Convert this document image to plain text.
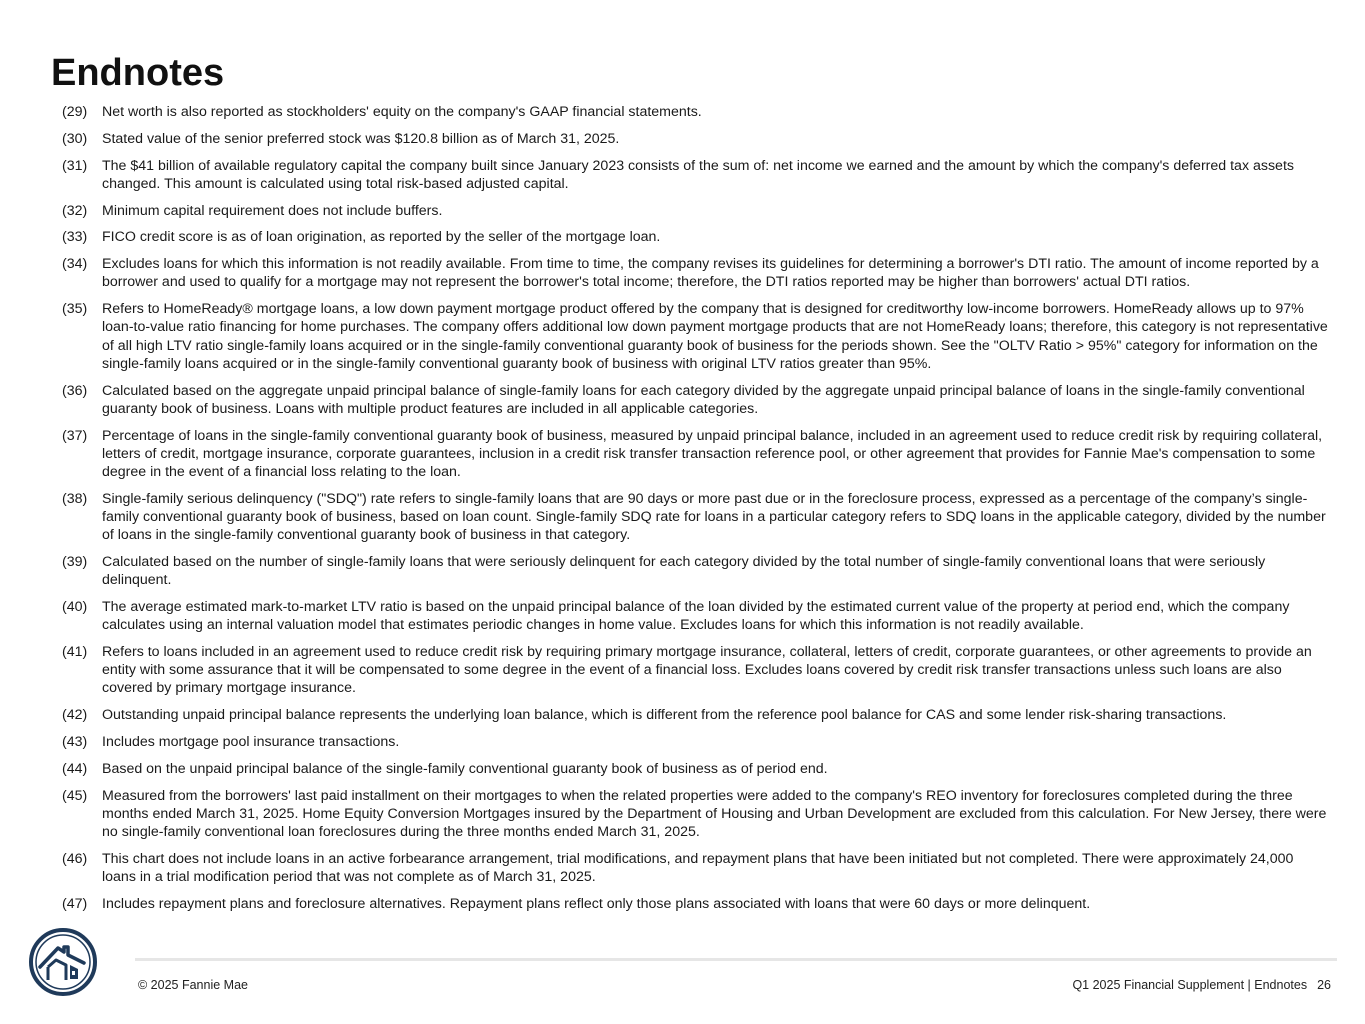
Endnotes
(29)	Net worth is also reported as stockholders' equity on the company's GAAP financial statements.
(30)	Stated value of the senior preferred stock was $120.8 billion as of March 31, 2025.
(31)	The $41 billion of available regulatory capital the company built since January 2023 consists of the sum of: net income we earned and the amount by which the company's deferred tax assets changed. This amount is calculated using total risk-based adjusted capital.
(32)	Minimum capital requirement does not include buffers.
(33)	FICO credit score is as of loan origination, as reported by the seller of the mortgage loan.
(34)	Excludes loans for which this information is not readily available. From time to time, the company revises its guidelines for determining a borrower's DTI ratio. The amount of income reported by a borrower and used to qualify for a mortgage may not represent the borrower's total income; therefore, the DTI ratios reported may be higher than borrowers' actual DTI ratios.
(35)	Refers to HomeReady® mortgage loans, a low down payment mortgage product offered by the company that is designed for creditworthy low-income borrowers. HomeReady allows up to 97% loan-to-value ratio financing for home purchases. The company offers additional low down payment mortgage products that are not HomeReady loans; therefore, this category is not representative of all high LTV ratio single-family loans acquired or in the single-family conventional guaranty book of business for the periods shown. See the "OLTV Ratio > 95%" category for information on the single-family loans acquired or in the single-family conventional guaranty book of business with original LTV ratios greater than 95%.
(36)	Calculated based on the aggregate unpaid principal balance of single-family loans for each category divided by the aggregate unpaid principal balance of loans in the single-family conventional guaranty book of business. Loans with multiple product features are included in all applicable categories.
(37)	Percentage of loans in the single-family conventional guaranty book of business, measured by unpaid principal balance, included in an agreement used to reduce credit risk by requiring collateral, letters of credit, mortgage insurance, corporate guarantees, inclusion in a credit risk transfer transaction reference pool, or other agreement that provides for Fannie Mae's compensation to some degree in the event of a financial loss relating to the loan.
(38)	Single-family serious delinquency ("SDQ") rate refers to single-family loans that are 90 days or more past due or in the foreclosure process, expressed as a percentage of the company’s single-family conventional guaranty book of business, based on loan count. Single-family SDQ rate for loans in a particular category refers to SDQ loans in the applicable category, divided by the number of loans in the single-family conventional guaranty book of business in that category.
(39)	Calculated based on the number of single-family loans that were seriously delinquent for each category divided by the total number of single-family conventional loans that were seriously delinquent.
(40)	The average estimated mark-to-market LTV ratio is based on the unpaid principal balance of the loan divided by the estimated current value of the property at period end, which the company calculates using an internal valuation model that estimates periodic changes in home value. Excludes loans for which this information is not readily available.
(41)	Refers to loans included in an agreement used to reduce credit risk by requiring primary mortgage insurance, collateral, letters of credit, corporate guarantees, or other agreements to provide an entity with some assurance that it will be compensated to some degree in the event of a financial loss. Excludes loans covered by credit risk transfer transactions unless such loans are also covered by primary mortgage insurance.
(42)	Outstanding unpaid principal balance represents the underlying loan balance, which is different from the reference pool balance for CAS and some lender risk-sharing transactions.
(43)	Includes mortgage pool insurance transactions.
(44)	Based on the unpaid principal balance of the single-family conventional guaranty book of business as of period end.
(45)	Measured from the borrowers' last paid installment on their mortgages to when the related properties were added to the company's REO inventory for foreclosures completed during the three months ended March 31, 2025. Home Equity Conversion Mortgages insured by the Department of Housing and Urban Development are excluded from this calculation. For New Jersey, there were no single-family conventional loan foreclosures during the three months ended March 31, 2025.
(46)	This chart does not include loans in an active forbearance arrangement, trial modifications, and repayment plans that have been initiated but not completed. There were approximately 24,000 loans in a trial modification period that was not complete as of March 31, 2025.
(47)	Includes repayment plans and foreclosure alternatives. Repayment plans reflect only those plans associated with loans that were 60 days or more delinquent.
© 2025 Fannie Mae	Q1 2025 Financial Supplement | Endnotes 26
